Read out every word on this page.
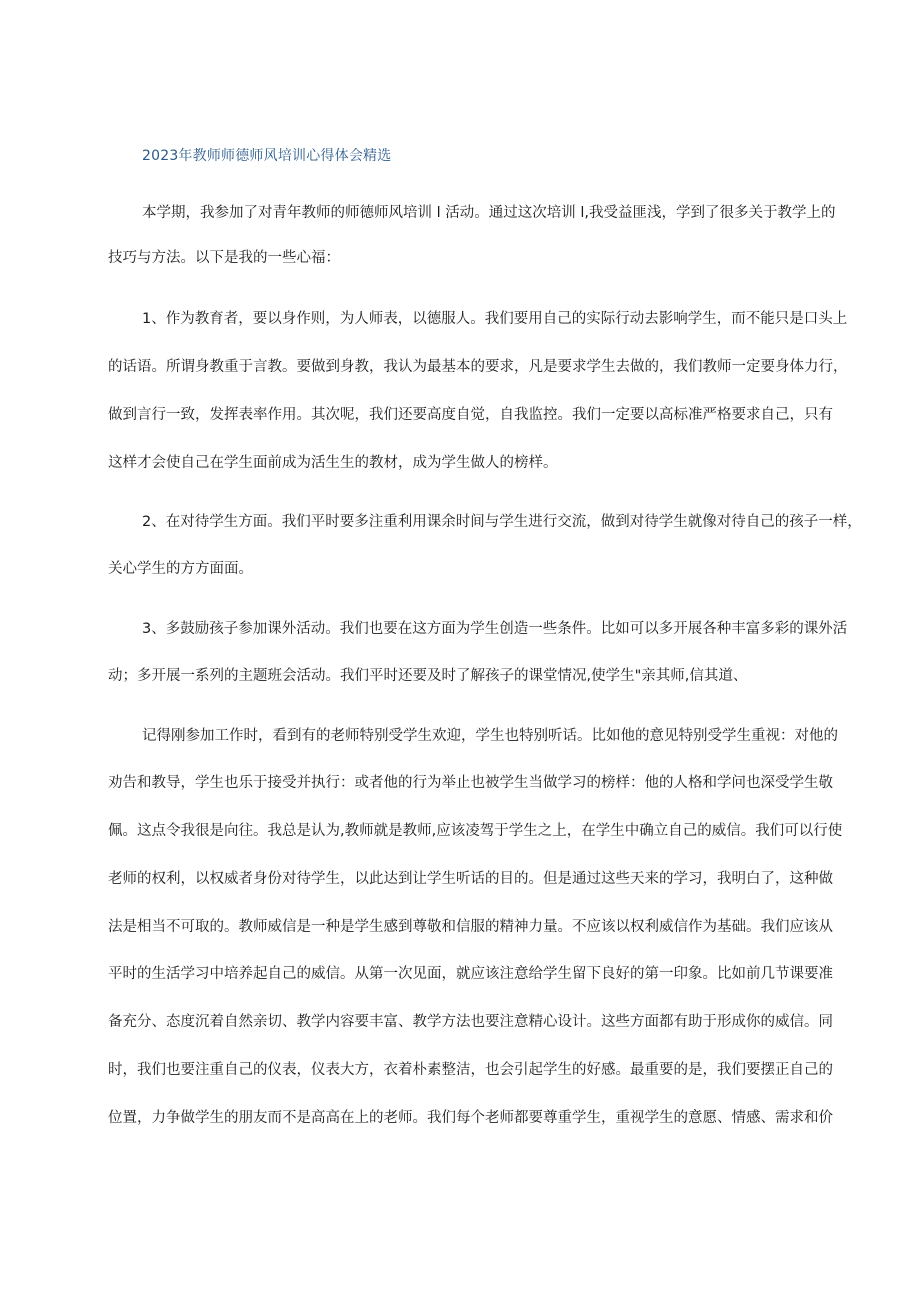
2023年教师师德师风培训心得体会精选
本学期，我参加了对青年教师的师德师风培训 l 活动。通过这次培训 l,我受益匪浅，学到了很多关于教学上的
技巧与方法。以下是我的一些心福：
1、作为教育者，要以身作则，为人师表，以德服人。我们要用自己的实际行动去影响学生，而不能只是口头上
的话语。所谓身教重于言教。要做到身教，我认为最基本的要求，凡是要求学生去做的，我们教师一定要身体力行，
做到言行一致，发挥表率作用。其次呢，我们还要高度自觉，自我监控。我们一定要以高标准严格要求自己，只有
这样才会使自己在学生面前成为活生生的教材，成为学生做人的榜样。
2、在对待学生方面。我们平时要多注重利用课余时间与学生进行交流，做到对待学生就像对待自己的孩子一样，
关心学生的方方面面。
3、多鼓励孩子参加课外活动。我们也要在这方面为学生创造一些条件。比如可以多开展各种丰富多彩的课外活
动；多开展一系列的主题班会活动。我们平时还要及时了解孩子的课堂情况,使学生"亲其师,信其道、
记得刚参加工作时，看到有的老师特别受学生欢迎，学生也特别听话。比如他的意见特别受学生重视：对他的
劝告和教导，学生也乐于接受并执行：或者他的行为举止也被学生当做学习的榜样：他的人格和学问也深受学生敬
佩。这点令我很是向往。我总是认为,教师就是教师,应该凌驾于学生之上，在学生中确立自己的威信。我们可以行使
老师的权利，以权威者身份对待学生，以此达到让学生听话的目的。但是通过这些天来的学习，我明白了，这种做
法是相当不可取的。教师威信是一种是学生感到尊敬和信服的精神力量。不应该以权利威信作为基础。我们应该从
平时的生活学习中培养起自己的威信。从第一次见面，就应该注意给学生留下良好的第一印象。比如前几节课要准
备充分、态度沉着自然亲切、教学内容要丰富、教学方法也要注意精心设计。这些方面都有助于形成你的威信。同
时，我们也要注重自己的仪表，仪表大方，衣着朴素整洁，也会引起学生的好感。最重要的是，我们要摆正自己的
位置，力争做学生的朋友而不是高高在上的老师。我们每个老师都要尊重学生，重视学生的意愿、情感、需求和价
